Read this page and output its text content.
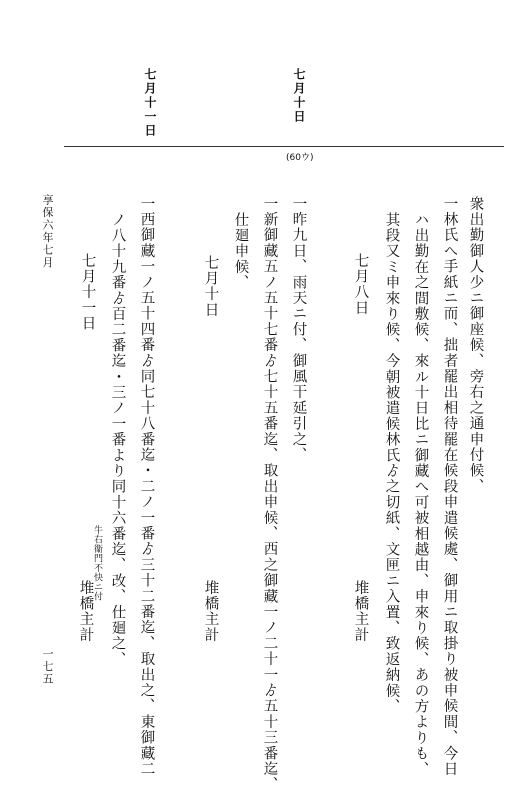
七月十日
七月十一日
(60ウ)
享保六年七月
一七五
衆出勤御人少ニ御座候、旁右之通申付候、
一林氏へ手紙ニ而、拙者罷出相待罷在候段申遣候處、御用ニ取掛り被申候間、今日
ハ出勤在之間敷候、來ル十日比ニ御藏へ可被相越由、申來り候、あの方よりも、
其段又ミ申來り候、今朝被遣候林氏ゟ之切紙、文匣ニ入置、致返納候、
七月八日
一昨九日、雨天ニ付、御風干延引之、
一新御藏五ノ五十七番ゟ七十五番迄、取出申候、西之御藏一ノ二十一ゟ五十三番迄、
仕廻申候、
七月十日
一西御藏一ノ五十四番ゟ同七十八番迄・二ノ一番ゟ三十二番迄、取出之、東御藏二
ノ八十九番ゟ百二番迄・三ノ一番より同十六番迄、改、仕廻之、
七月十一日
堆橋主計
堆橋主計
牛右衞門不快ニ付
堆橋主計
